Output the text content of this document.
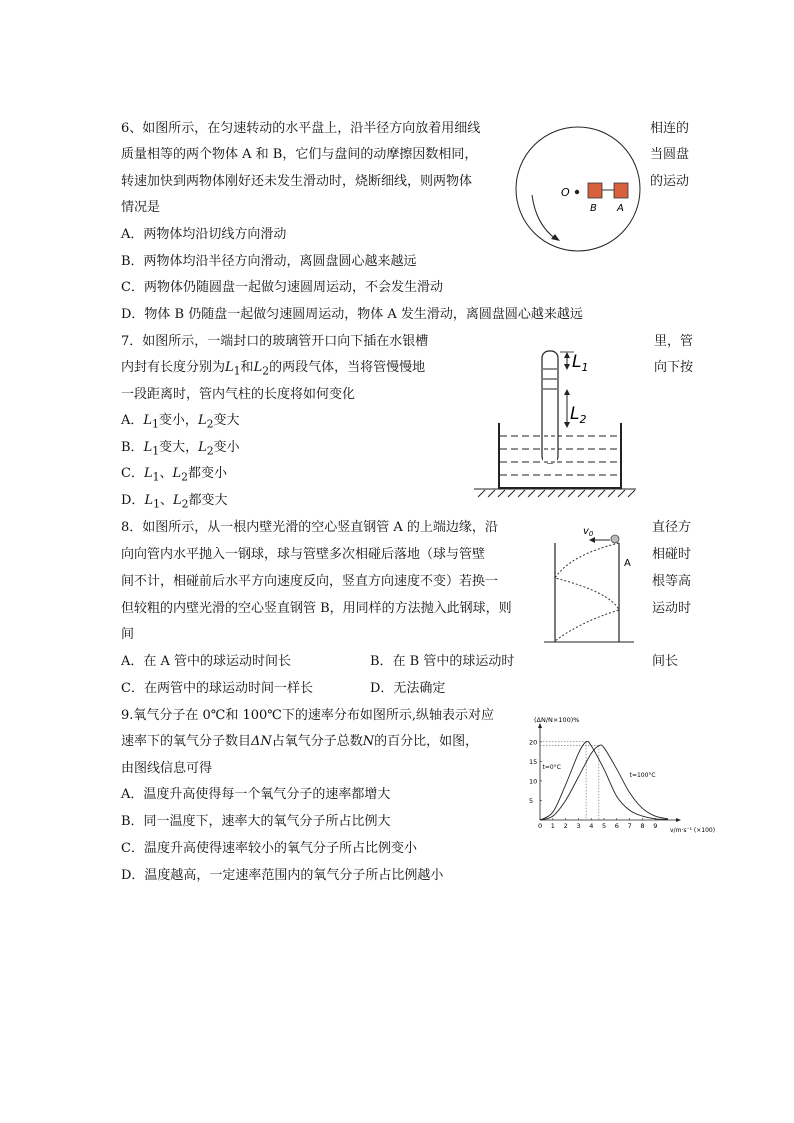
6、如图所示，在匀速转动的水平盘上，沿半径方向放着用细线	相连的
质量相等的两个物体 A 和 B，它们与盘间的动摩擦因数相同，	当圆盘
转速加快到两物体刚好还未发生滑动时，烧断细线，则两物体	的运动
情况是
A．两物体均沿切线方向滑动
B．两物体均沿半径方向滑动，离圆盘圆心越来越远
C．两物体仍随圆盘一起做匀速圆周运动，不会发生滑动
D．物体 B 仍随盘一起做匀速圆周运动，物体 A 发生滑动，离圆盘圆心越来越远
O
B A
7．如图所示，一端封口的玻璃管开口向下插在水银槽	里，管
内封有长度分别为$L_1$和$L_2$的两段气体，当将管慢慢地	向下按
一段距离时，管内气柱的长度将如何变化
A．$L_1$变小，$L_2$变大
B．$L_1$变大，$L_2$变小
C．$L_1$、$L_2$都变小
D．$L_1$、$L_2$都变大
$L_1$
$L_2$
8．如图所示，从一根内壁光滑的空心竖直钢管 A 的上端边缘，沿	直径方
向向管内水平抛入一钢球，球与管壁多次相碰后落地（球与管壁	相碰时
间不计，相碰前后水平方向速度反向，竖直方向速度不变）若换一	根等高
但较粗的内壁光滑的空心竖直钢管 B，用同样的方法抛入此钢球，则	运动时
间
A．在 A 管中的球运动时间长	B．在 B 管中的球运动时	间长
C．在两管中的球运动时间一样长	D．无法确定
$v_0$
A
9.氧气分子在 0℃和 100℃下的速率分布如图所示,纵轴表示对应
速率下的氧气分子数目ΔN占氧气分子总数N的百分比，如图，
由图线信息可得
A．温度升高使得每一个氧气分子的速率都增大
B．同一温度下，速率大的氧气分子所占比例大
C．温度升高使得速率较小的氧气分子所占比例变小
D．温度越高，一定速率范围内的氧气分子所占比例越小
(ΔN/N×100)%
v/m·s⁻¹ (×100)
0 1 2 3 4 5 6 7 8 9
5
10
15
20
t=0°C
t=100°C
